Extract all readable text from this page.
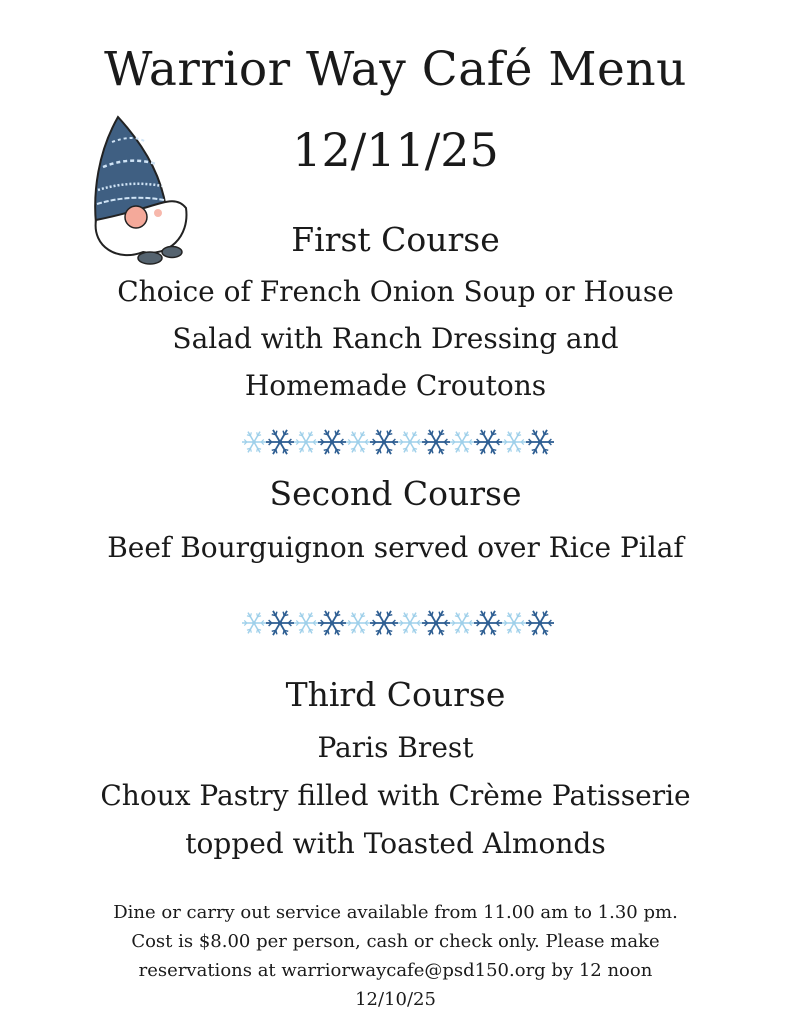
Warrior Way Café Menu
12/11/25
First Course
Choice of French Onion Soup or House
Salad with Ranch Dressing and
Homemade Croutons
Second Course
Beef Bourguignon served over Rice Pilaf
Third Course
Paris Brest
Choux Pastry filled with Crème Patisserie
topped with Toasted Almonds
Dine or carry out service available from 11.00 am to 1.30 pm.
Cost is $8.00 per person, cash or check only. Please make
reservations at warriorwaycafe@psd150.org by 12 noon
12/10/25
